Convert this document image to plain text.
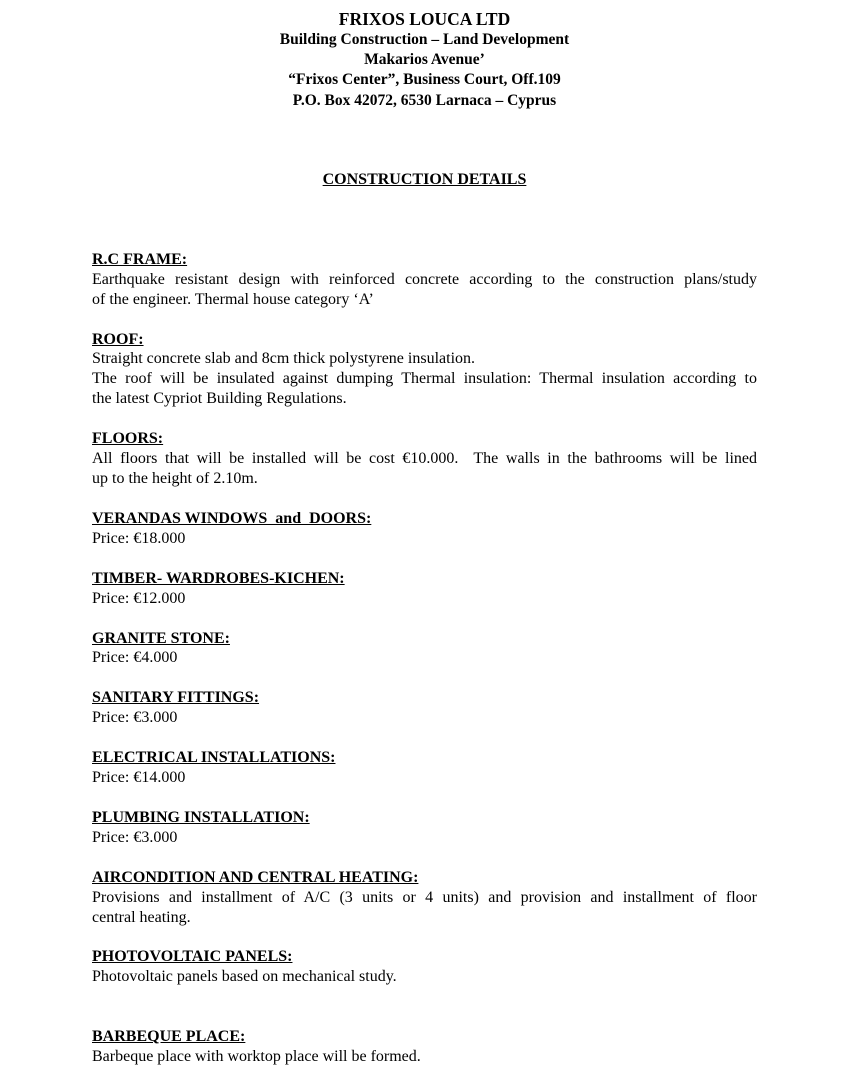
FRIXOS LOUCA LTD
Building Construction – Land Development
Makarios Avenue’
“Frixos Center”, Business Court, Off.109
P.O. Box 42072, 6530 Larnaca – Cyprus
CONSTRUCTION DETAILS
R.C FRAME:
Earthquake resistant design with reinforced concrete according to the construction plans/study
of the engineer. Thermal house category ‘A’
ROOF:
Straight concrete slab and 8cm thick polystyrene insulation.
The roof will be insulated against dumping Thermal insulation: Thermal insulation according to
the latest Cypriot Building Regulations.
FLOORS:
All floors that will be installed will be cost €10.000.  The walls in the bathrooms will be lined
up to the height of 2.10m.
VERANDAS WINDOWS  and  DOORS:
Price: €18.000
TIMBER- WARDROBES-KICHEN:
Price: €12.000
GRANITE STONE:
Price: €4.000
SANITARY FITTINGS:
Price: €3.000
ELECTRICAL INSTALLATIONS:
Price: €14.000
PLUMBING INSTALLATION:
Price: €3.000
AIRCONDITION AND CENTRAL HEATING:
Provisions and installment of A/C (3 units or 4 units) and provision and installment of floor
central heating.
PHOTOVOLTAIC PANELS:
Photovoltaic panels based on mechanical study.
BARBEQUE PLACE:
Barbeque place with worktop place will be formed.
